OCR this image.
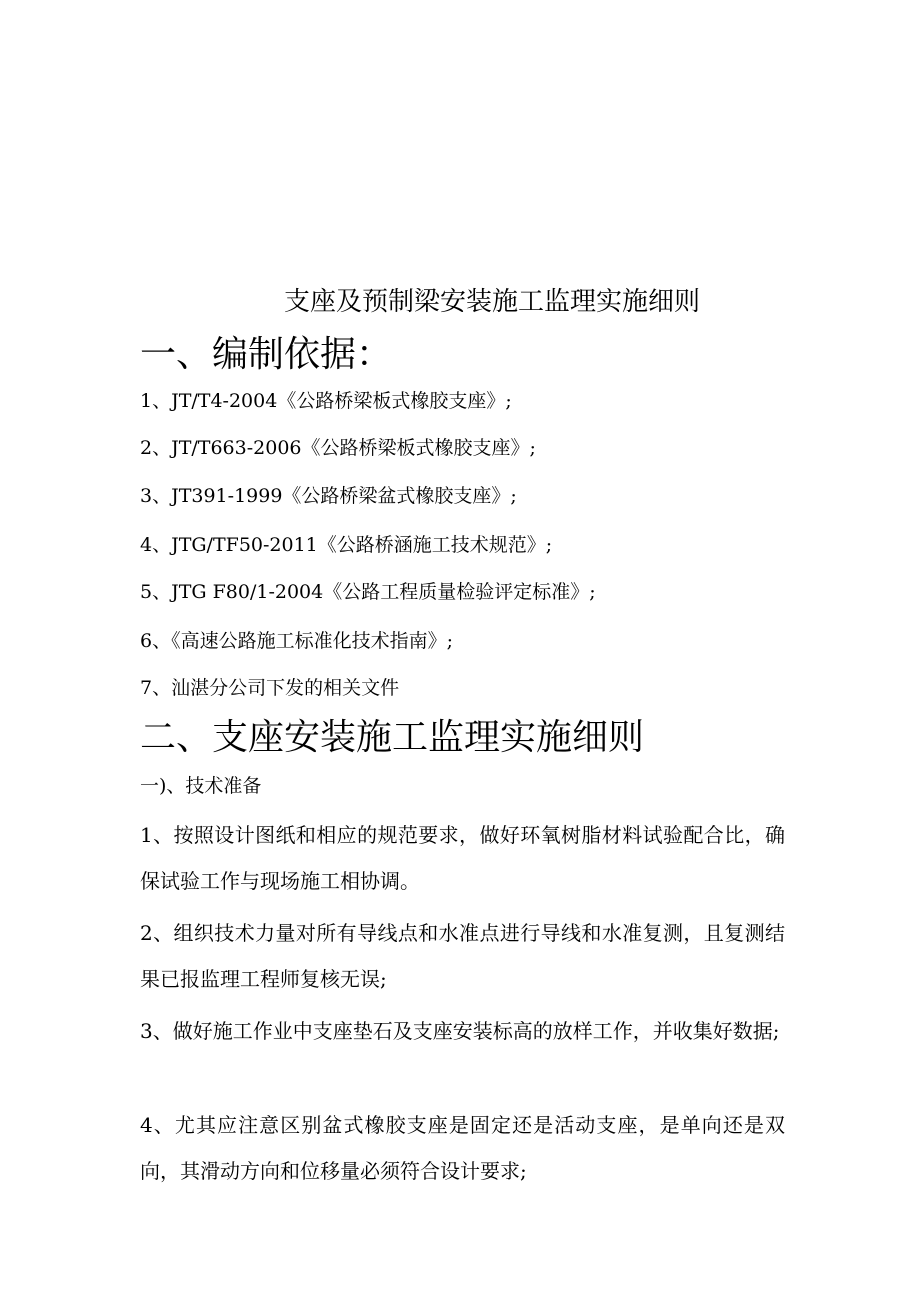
支座及预制梁安装施工监理实施细则
一、编制依据：
1、JT/T4-2004《公路桥梁板式橡胶支座》;
2、JT/T663-2006《公路桥梁板式橡胶支座》;
3、JT391-1999《公路桥梁盆式橡胶支座》;
4、JTG/TF50-2011《公路桥涵施工技术规范》;
5、JTG F80/1-2004《公路工程质量检验评定标准》;
6、《高速公路施工标准化技术指南》;
7、汕湛分公司下发的相关文件
二、支座安装施工监理实施细则
一)、技术准备
1、按照设计图纸和相应的规范要求，做好环氧树脂材料试验配合比，确保试验工作与现场施工相协调。
2、组织技术力量对所有导线点和水准点进行导线和水准复测，且复测结果已报监理工程师复核无误;
3、做好施工作业中支座垫石及支座安装标高的放样工作，并收集好数据;
4、尤其应注意区别盆式橡胶支座是固定还是活动支座，是单向还是双向，其滑动方向和位移量必须符合设计要求;
